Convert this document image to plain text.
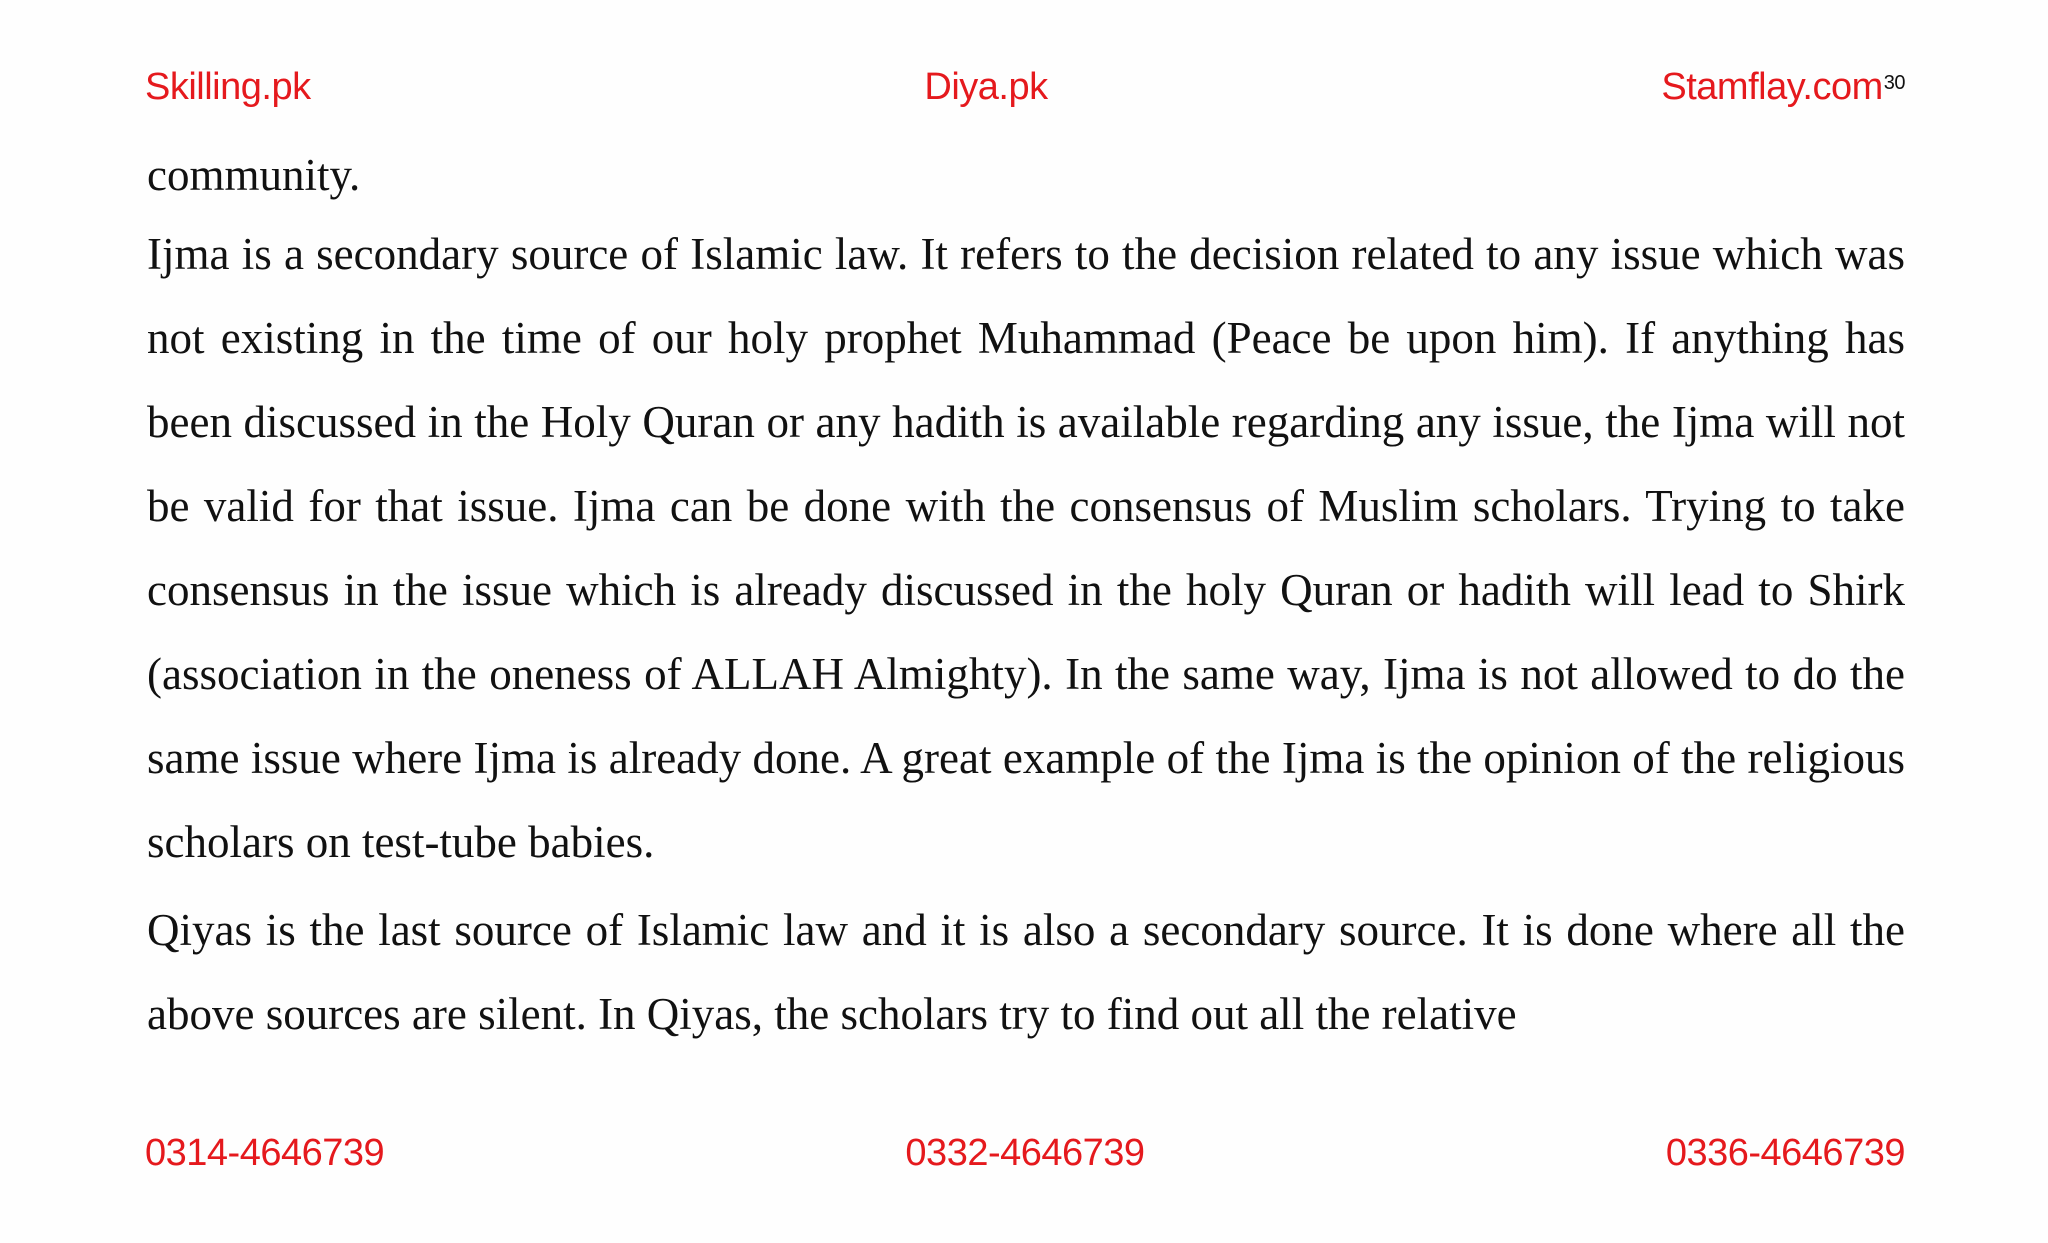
Skilling.pk	Diya.pk	Stamflay.com 30

community.

Ijma is a secondary source of Islamic law. It refers to the decision related to any issue which was not existing in the time of our holy prophet Muhammad (Peace be upon him). If anything has been discussed in the Holy Quran or any hadith is available regarding any issue, the Ijma will not be valid for that issue. Ijma can be done with the consensus of Muslim scholars. Trying to take consensus in the issue which is already discussed in the holy Quran or hadith will lead to Shirk (association in the oneness of ALLAH Almighty). In the same way, Ijma is not allowed to do the same issue where Ijma is already done. A great example of the Ijma is the opinion of the religious scholars on test-tube babies.

Qiyas is the last source of Islamic law and it is also a secondary source. It is done where all the above sources are silent. In Qiyas, the scholars try to find out all the relative

0314-4646739	0332-4646739	0336-4646739
